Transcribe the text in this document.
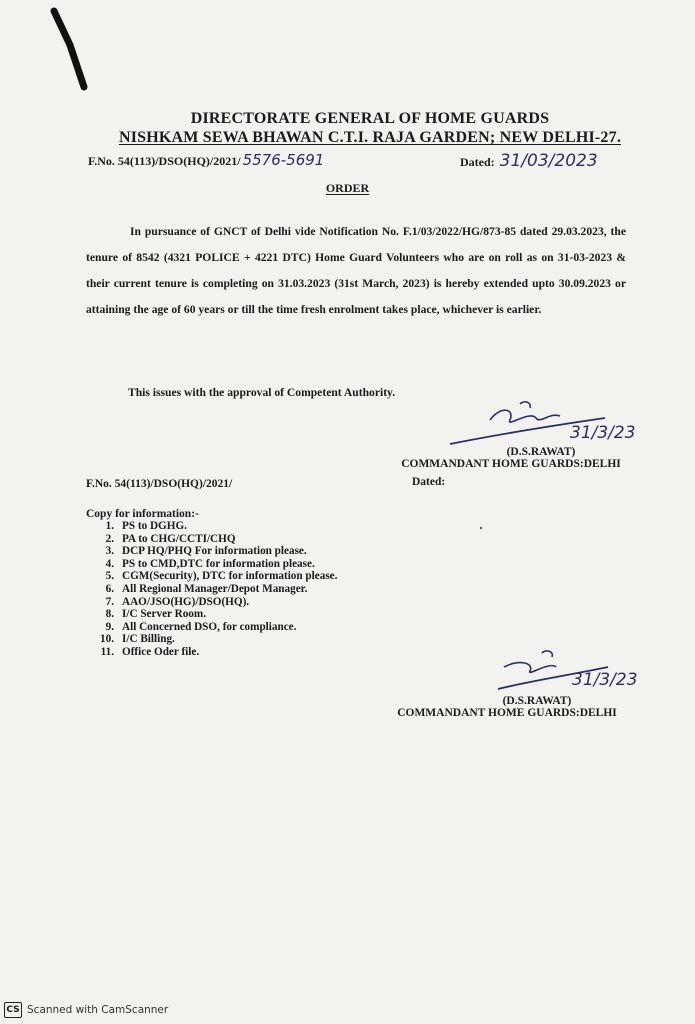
DIRECTORATE GENERAL OF HOME GUARDS
NISHKAM SEWA BHAWAN C.T.I. RAJA GARDEN; NEW DELHI-27.
F.No. 54(113)/DSO(HQ)/2021/ 5576-5691	Dated: 31/03/2023
ORDER

In pursuance of GNCT of Delhi vide Notification No. F.1/03/2022/HG/873-85 dated 29.03.2023, the tenure of 8542 (4321 POLICE + 4221 DTC) Home Guard Volunteers who are on roll as on 31-03-2023 & their current tenure is completing on 31.03.2023 (31st March, 2023) is hereby extended upto 30.09.2023 or attaining the age of 60 years or till the time fresh enrolment takes place, whichever is earlier.

This issues with the approval of Competent Authority.
31/3/23
(D.S.RAWAT)
COMMANDANT HOME GUARDS:DELHI
F.No. 54(113)/DSO(HQ)/2021/	Dated:
Copy for information:-
1. PS to DGHG.
2. PA to CHG/CCTI/CHQ
3. DCP HQ/PHQ For information please.
4. PS to CMD,DTC for information please.
5. CGM(Security), DTC for information please.
6. All Regional Manager/Depot Manager.
7. AAO/JSO(HG)/DSO(HQ).
8. I/C Server Room.
9. All Concerned DSO, for compliance.
10. I/C Billing.
11. Office Oder file.
31/3/23
(D.S.RAWAT)
COMMANDANT HOME GUARDS:DELHI
CS Scanned with CamScanner
